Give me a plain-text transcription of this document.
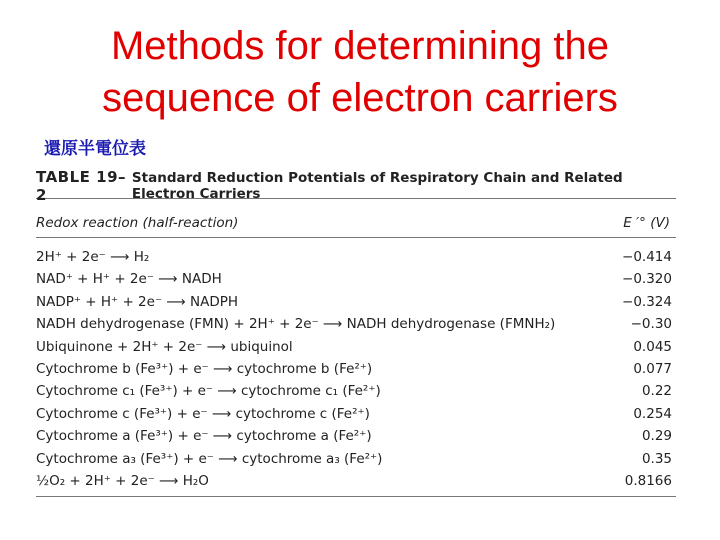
Methods for determining the
sequence of electron carriers
還原半電位表
TABLE 19–2
Standard Reduction Potentials of Respiratory Chain and Related Electron Carriers
Redox reaction (half-reaction)	E ′° (V)
2H⁺ + 2e⁻ ⟶ H₂	−0.414
NAD⁺ + H⁺ + 2e⁻ ⟶ NADH	−0.320
NADP⁺ + H⁺ + 2e⁻ ⟶ NADPH	−0.324
NADH dehydrogenase (FMN) + 2H⁺ + 2e⁻ ⟶ NADH dehydrogenase (FMNH₂)	−0.30
Ubiquinone + 2H⁺ + 2e⁻ ⟶ ubiquinol	0.045
Cytochrome b (Fe³⁺) + e⁻ ⟶ cytochrome b (Fe²⁺)	0.077
Cytochrome c₁ (Fe³⁺) + e⁻ ⟶ cytochrome c₁ (Fe²⁺)	0.22
Cytochrome c (Fe³⁺) + e⁻ ⟶ cytochrome c (Fe²⁺)	0.254
Cytochrome a (Fe³⁺) + e⁻ ⟶ cytochrome a (Fe²⁺)	0.29
Cytochrome a₃ (Fe³⁺) + e⁻ ⟶ cytochrome a₃ (Fe²⁺)	0.35
½O₂ + 2H⁺ + 2e⁻ ⟶ H₂O	0.8166
